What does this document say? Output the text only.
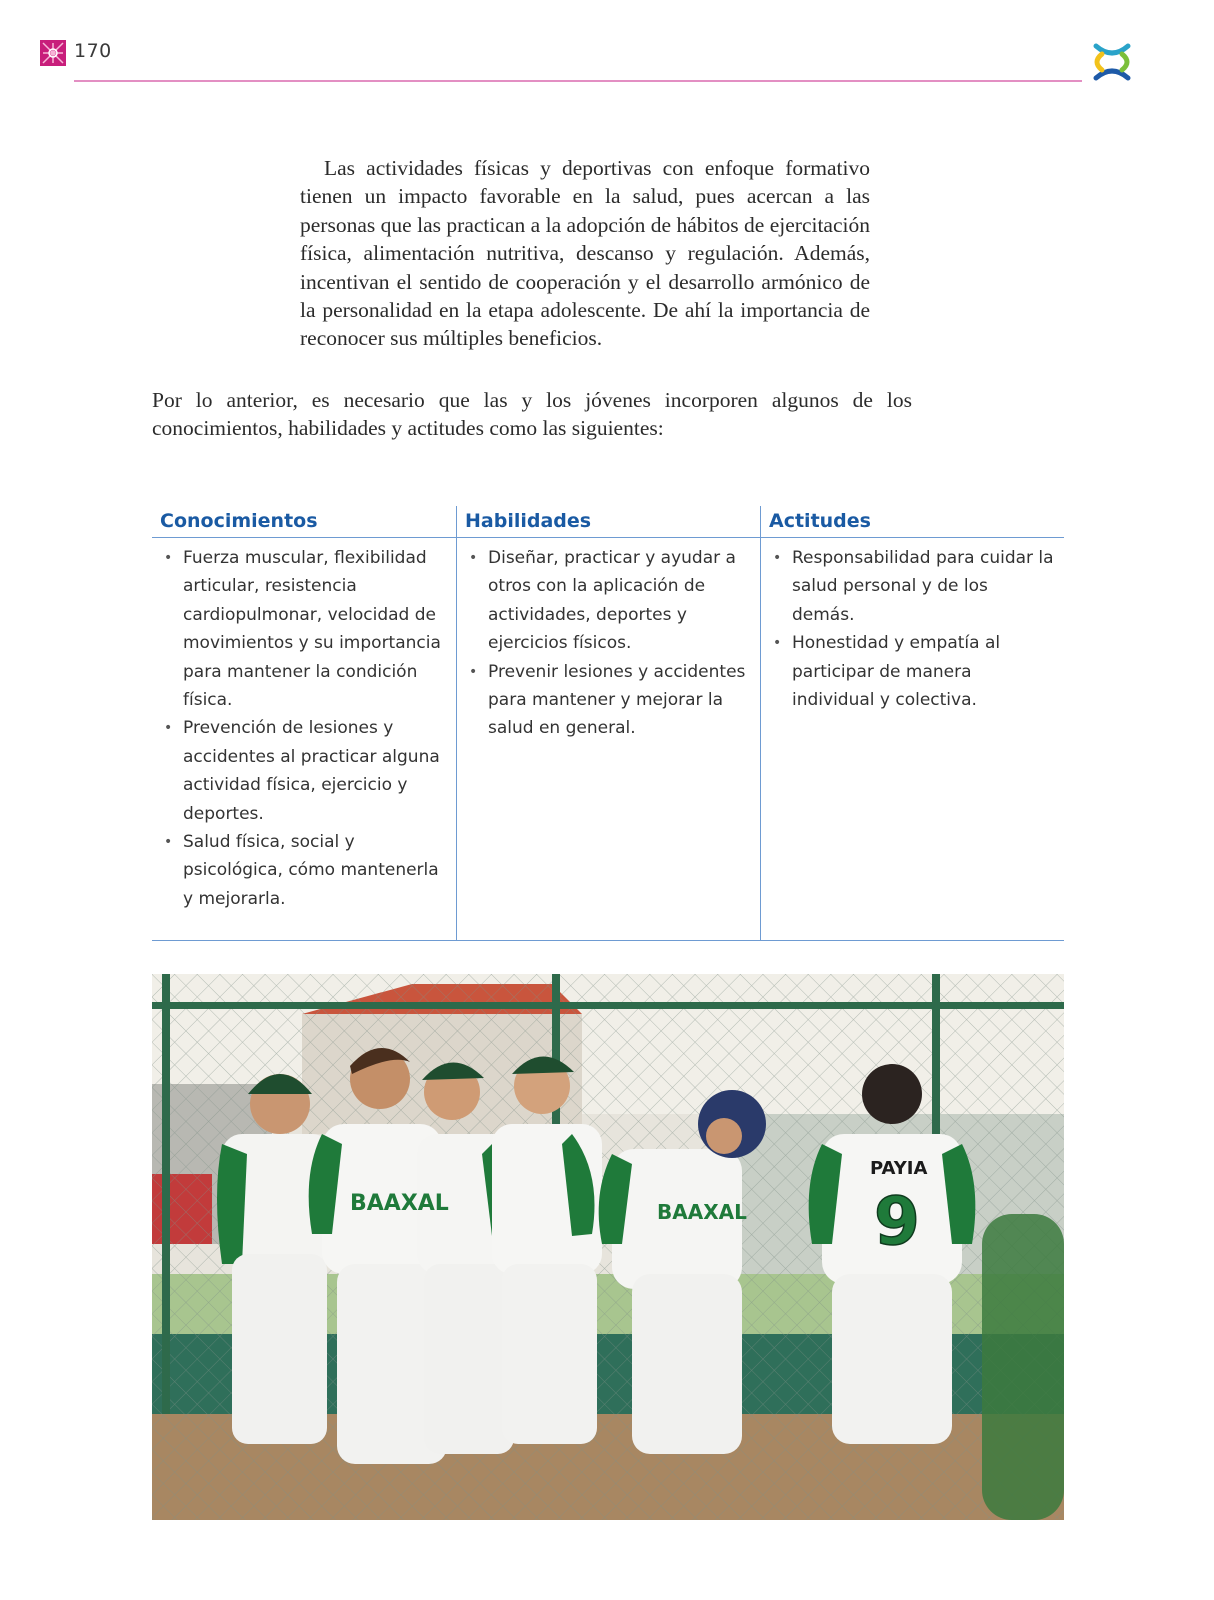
170

Las actividades físicas y deportivas con enfoque formativo tienen un impacto favorable en la salud, pues acercan a las personas que las practican a la adopción de hábitos de ejercitación física, alimentación nutritiva, descanso y regulación. Además, incentivan el sentido de cooperación y el desarrollo armónico de la personalidad en la etapa adolescente. De ahí la importancia de reconocer sus múltiples beneficios.

Por lo anterior, es necesario que las y los jóvenes incorporen algunos de los conocimientos, habilidades y actitudes como las siguientes:

Conocimientos
• Fuerza muscular, flexibilidad articular, resistencia cardiopulmonar, velocidad de movimientos y su importancia para mantener la condición física.
• Prevención de lesiones y accidentes al practicar alguna actividad física, ejercicio y deportes.
• Salud física, social y psicológica, cómo mantenerla y mejorarla.
Habilidades
• Diseñar, practicar y ayudar a otros con la aplicación de actividades, deportes y ejercicios físicos.
• Prevenir lesiones y accidentes para mantener y mejorar la salud en general.
Actitudes
• Responsabilidad para cuidar la salud personal y de los demás.
• Honestidad y empatía al participar de manera individual y colectiva.
BAAXAL	BAAXAL
PAYIA
9
